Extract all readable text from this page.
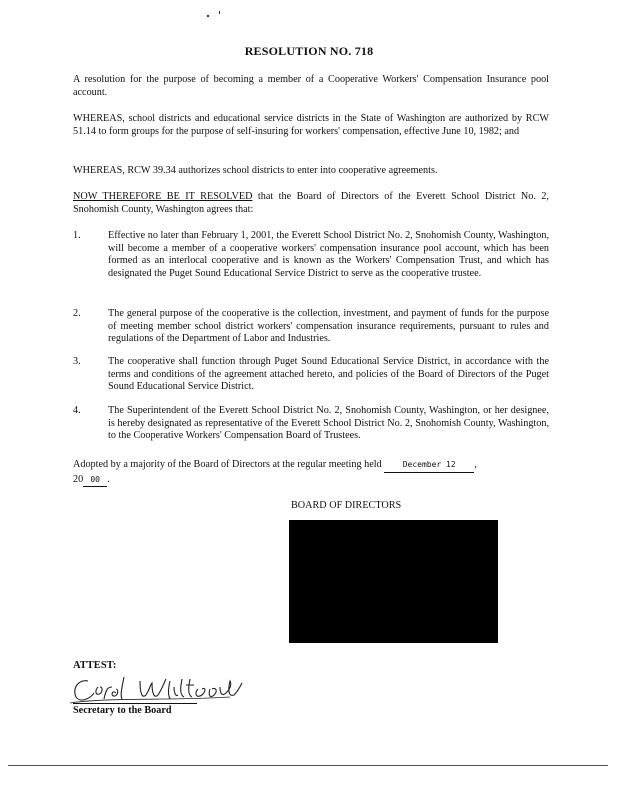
RESOLUTION NO. 718
A resolution for the purpose of becoming a member of a Cooperative Workers' Compensation Insurance pool account.
WHEREAS, school districts and educational service districts in the State of Washington are authorized by RCW 51.14 to form groups for the purpose of self-insuring for workers' compensation, effective June 10, 1982; and
WHEREAS, RCW 39.34 authorizes school districts to enter into cooperative agreements.
NOW THEREFORE BE IT RESOLVED that the Board of Directors of the Everett School District No. 2, Snohomish County, Washington agrees that:
1.	Effective no later than February 1, 2001, the Everett School District No. 2, Snohomish County, Washington, will become a member of a cooperative workers' compensation insurance pool account, which has been formed as an interlocal cooperative and is known as the Workers' Compensation Trust, and which has designated the Puget Sound Educational Service District to serve as the cooperative trustee.
2.	The general purpose of the cooperative is the collection, investment, and payment of funds for the purpose of meeting member school district workers' compensation insurance requirements, pursuant to rules and regulations of the Department of Labor and Industries.
3.	The cooperative shall function through Puget Sound Educational Service District, in accordance with the terms and conditions of the agreement attached hereto, and policies of the Board of Directors of the Puget Sound Educational Service District.
4.	The Superintendent of the Everett School District No. 2, Snohomish County, Washington, or her designee, is hereby designated as representative of the Everett School District No. 2, Snohomish County, Washington, to the Cooperative Workers' Compensation Board of Trustees.
Adopted by a majority of the Board of Directors at the regular meeting held	December 12 ,
20 00 .
BOARD OF DIRECTORS
ATTEST:
Secretary to the Board
